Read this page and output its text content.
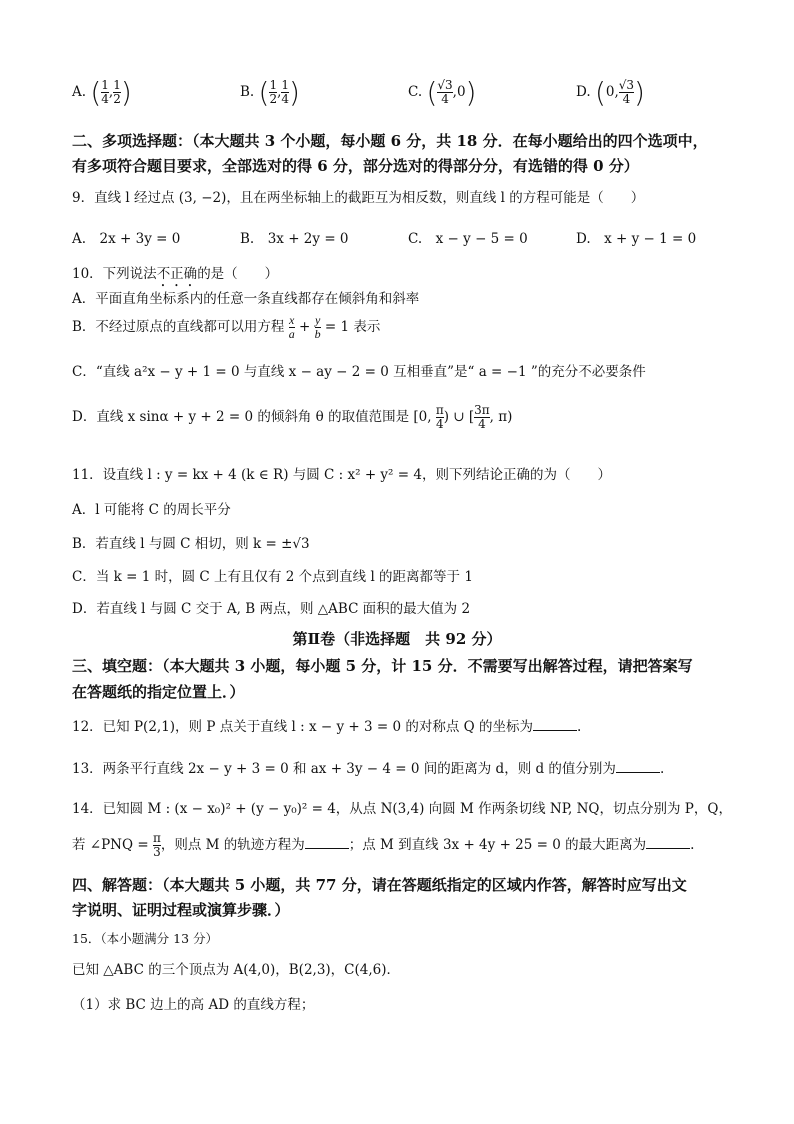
A. ( $\frac{1}{4}$ , $\frac{1}{2}$ )	B. ( $\frac{1}{2}$ , $\frac{1}{4}$ )	C. ( $\frac{√3}{4} ,0$)	D. (0, $\frac{√3}{4}$ )
二、多项选择题：（本大题共 3 个小题，每小题 6 分，共 18 分．在每小题给出的四个选项中，
有多项符合题目要求，全部选对的得 6 分，部分选对的得部分分，有选错的得 0 分）
9．直线 l 经过点 (3, −2)，且在两坐标轴上的截距互为相反数，则直线 l 的方程可能是（　　）
A.　2x + 3y = 0	B.　3x + 2y = 0	C.　x − y − 5 = 0	D.　x + y − 1 = 0
10．下列说法不正确的是（　　）
A．平面直角坐标系内的任意一条直线都存在倾斜角和斜率
B．不经过原点的直线都可以用方程 $\frac{x}{a} + \frac{y}{b} = 1$ 表示
C．“直线 a²x − y + 1 = 0 与直线 x − ay − 2 = 0 互相垂直”是“ a = −1 ”的充分不必要条件
D．直线 x sinα + y + 2 = 0 的倾斜角 θ 的取值范围是 [0, $\frac{\pi}{4}$ ) ∪ [ $\frac{3\pi}{4}$ , π)
11．设直线 l : y = kx + 4 (k ∈ R) 与圆 C : x² + y² = 4，则下列结论正确的为（　　）
A．l 可能将 C 的周长平分
B．若直线 l 与圆 C 相切，则 k = ±√3
C．当 k = 1 时，圆 C 上有且仅有 2 个点到直线 l 的距离都等于 1
D．若直线 l 与圆 C 交于 A, B 两点，则 △ABC 面积的最大值为 2
第Ⅱ卷（非选择题　共 92 分）
三、填空题：（本大题共 3 小题，每小题 5 分，计 15 分．不需要写出解答过程，请把答案写
在答题纸的指定位置上．）
12．已知 P(2,1)，则 P 点关于直线 l : x − y + 3 = 0 的对称点 Q 的坐标为	.
13．两条平行直线 2x − y + 3 = 0 和 ax + 3y − 4 = 0 间的距离为 d，则 d 的值分别为	.
14．已知圆 M : (x − x₀)² + (y − y₀)² = 4，从点 N(3,4) 向圆 M 作两条切线 NP, NQ，切点分别为 P，Q，
若 ∠PNQ = $\frac{\pi}{3}$ ，则点 M 的轨迹方程为	；点 M 到直线 3x + 4y + 25 = 0 的最大距离为	.
四、解答题：（本大题共 5 小题，共 77 分，请在答题纸指定的区域内作答，解答时应写出文
字说明、证明过程或演算步骤．）
15．（本小题满分 13 分）
已知 △ABC 的三个顶点为 A(4,0)，B(2,3)，C(4,6)．
（1）求 BC 边上的高 AD 的直线方程；
